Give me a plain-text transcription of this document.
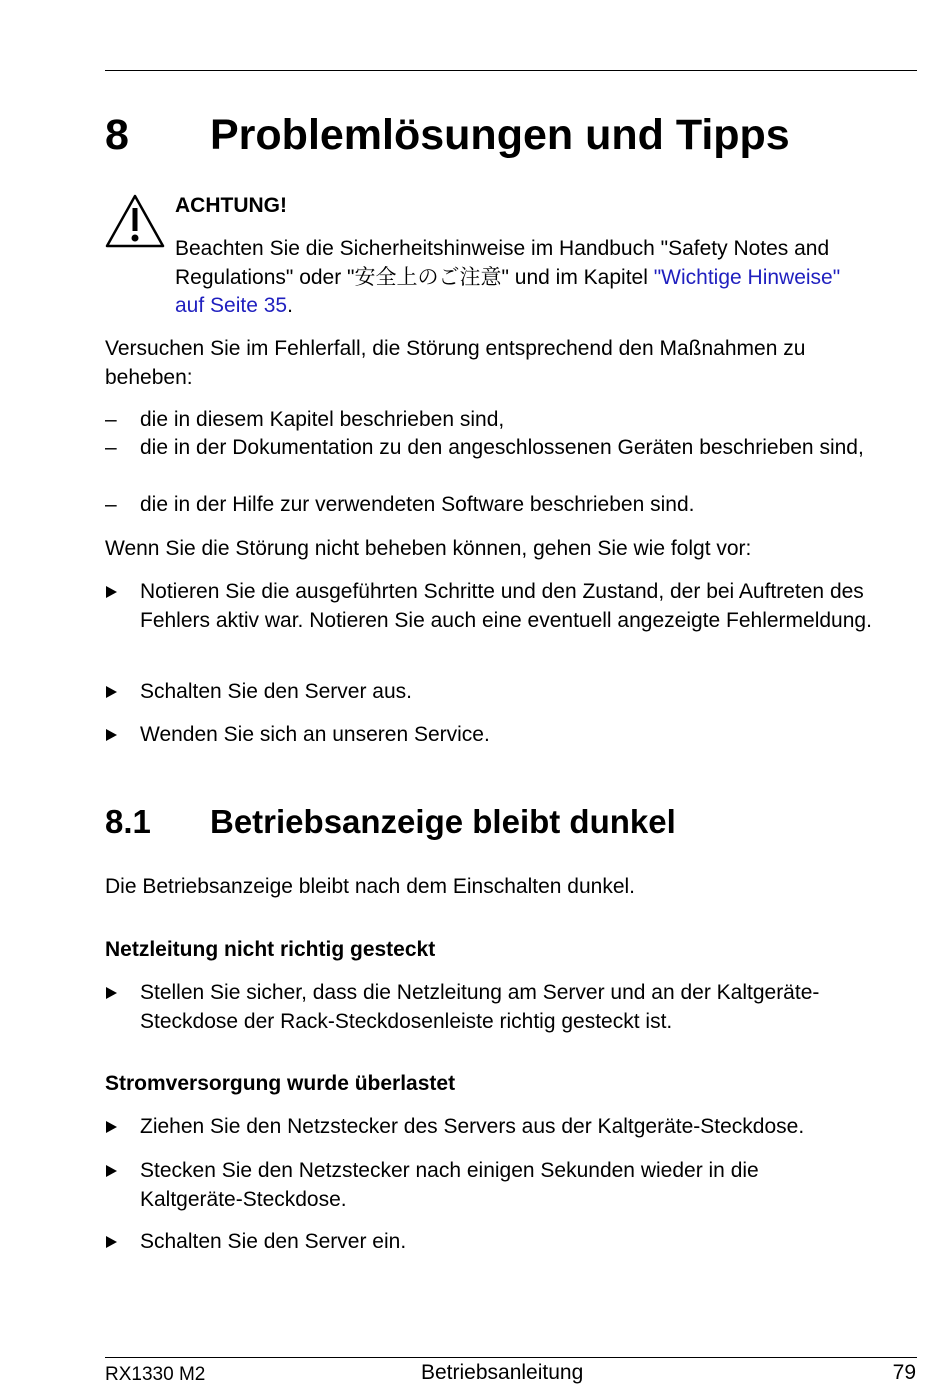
8 Problemlösungen und Tipps
ACHTUNG!
Beachten Sie die Sicherheitshinweise im Handbuch "Safety Notes and
Regulations" oder "安全上のご注意" und im Kapitel "Wichtige Hinweise"
auf Seite 35.
Versuchen Sie im Fehlerfall, die Störung entsprechend den Maßnahmen zu beheben:
– die in diesem Kapitel beschrieben sind,
– die in der Dokumentation zu den angeschlossenen Geräten beschrieben sind,
– die in der Hilfe zur verwendeten Software beschrieben sind.
Wenn Sie die Störung nicht beheben können, gehen Sie wie folgt vor:
Notieren Sie die ausgeführten Schritte und den Zustand, der bei Auftreten des Fehlers aktiv war. Notieren Sie auch eine eventuell angezeigte Fehlermeldung.
Schalten Sie den Server aus.
Wenden Sie sich an unseren Service.
8.1 Betriebsanzeige bleibt dunkel
Die Betriebsanzeige bleibt nach dem Einschalten dunkel.
Netzleitung nicht richtig gesteckt
Stellen Sie sicher, dass die Netzleitung am Server und an der Kaltgeräte-Steckdose der Rack-Steckdosenleiste richtig gesteckt ist.
Stromversorgung wurde überlastet
Ziehen Sie den Netzstecker des Servers aus der Kaltgeräte-Steckdose.
Stecken Sie den Netzstecker nach einigen Sekunden wieder in die Kaltgeräte-Steckdose.
Schalten Sie den Server ein.
RX1330 M2	Betriebsanleitung	79
